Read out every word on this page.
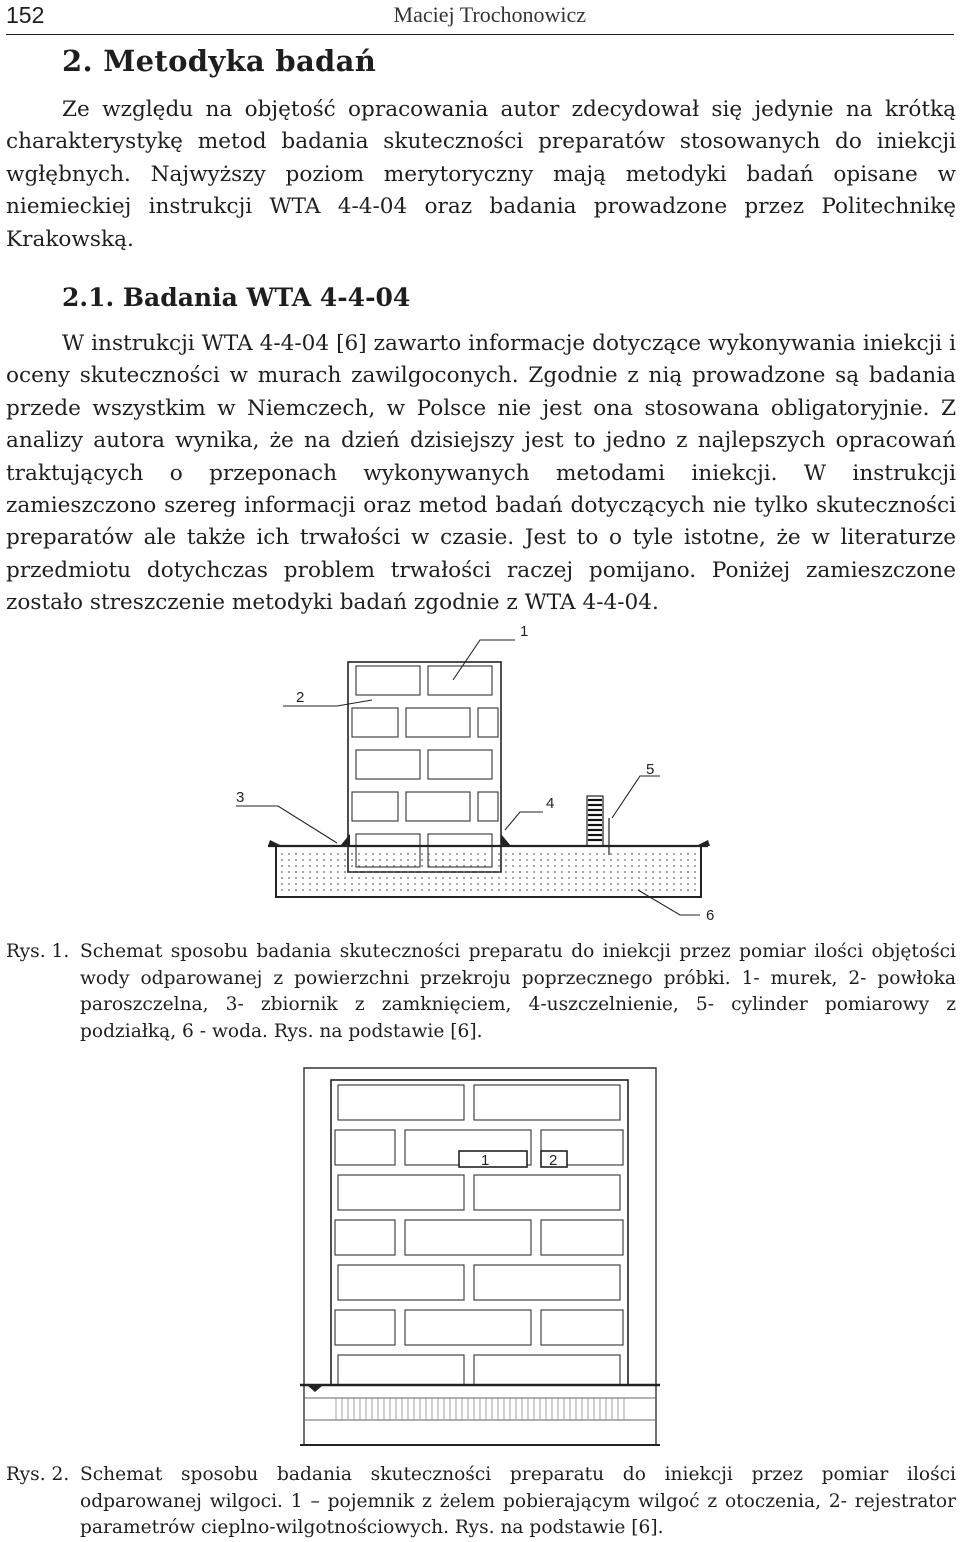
152	Maciej Trochonowicz
2. Metodyka badań

Ze względu na objętość opracowania autor zdecydował się jedynie na krótką charakterystykę metod badania skuteczności preparatów stosowanych do iniekcji wgłębnych. Najwyższy poziom merytoryczny mają metodyki badań opisane w niemieckiej instrukcji WTA 4-4-04 oraz badania prowadzone przez Politechnikę Krakowską.

2.1. Badania WTA 4-4-04

W instrukcji WTA 4-4-04 [6] zawarto informacje dotyczące wykonywania iniekcji i oceny skuteczności w murach zawilgoconych. Zgodnie z nią prowadzone są badania przede wszystkim w Niemczech, w Polsce nie jest ona stosowana obligatoryjnie. Z analizy autora wynika, że na dzień dzisiejszy jest to jedno z najlepszych opracowań traktujących o przeponach wykonywanych metodami iniekcji. W instrukcji zamieszczono szereg informacji oraz metod badań dotyczących nie tylko skuteczności preparatów ale także ich trwałości w czasie. Jest to o tyle istotne, że w literaturze przedmiotu dotychczas problem trwałości raczej pomijano. Poniżej zamieszczone zostało streszczenie metodyki badań zgodnie z WTA 4-4-04.

1
2
3	4
5
6
Rys. 1. Schemat sposobu badania skuteczności preparatu do iniekcji przez pomiar ilości objętości wody odparowanej z powierzchni przekroju poprzecznego próbki. 1- murek, 2- powłoka paroszczelna, 3- zbiornik z zamknięciem, 4-uszczelnienie, 5- cylinder pomiarowy z podziałką, 6 - woda. Rys. na podstawie [6].
1	2
Rys. 2. Schemat sposobu badania skuteczności preparatu do iniekcji przez pomiar ilości odparowanej wilgoci. 1 – pojemnik z żelem pobierającym wilgoć z otoczenia, 2- rejestrator parametrów cieplno-wilgotnościowych. Rys. na podstawie [6].
